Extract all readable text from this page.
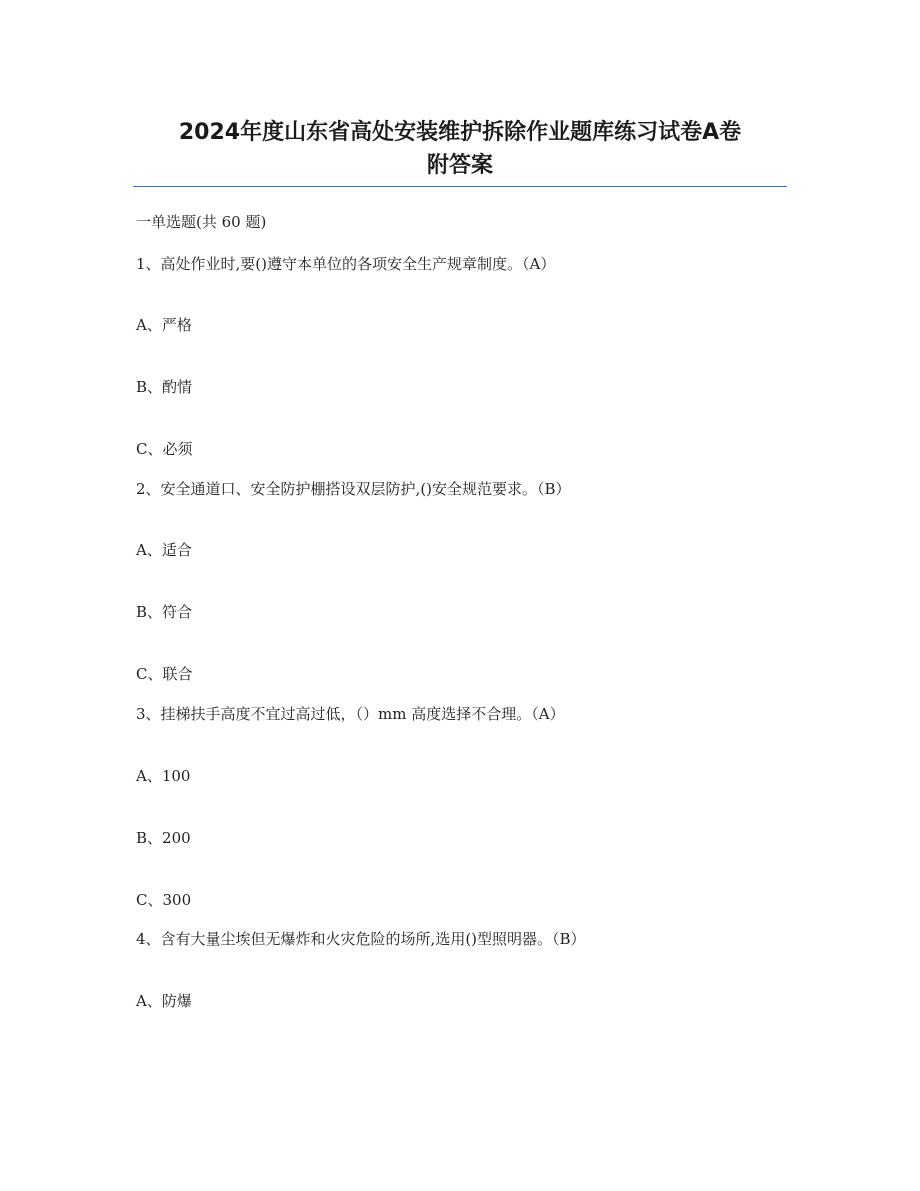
2024年度山东省高处安装维护拆除作业题库练习试卷A卷
附答案
一单选题(共 60 题)
1、高处作业时,要()遵守本单位的各项安全生产规章制度。（A）
A、严格
B、酌情
C、必须
2、安全通道口、安全防护棚搭设双层防护,()安全规范要求。（B）
A、适合
B、符合
C、联合
3、挂梯扶手高度不宜过高过低，（）mm 高度选择不合理。（A）
A、100
B、200
C、300
4、含有大量尘埃但无爆炸和火灾危险的场所,选用()型照明器。（B）
A、防爆
